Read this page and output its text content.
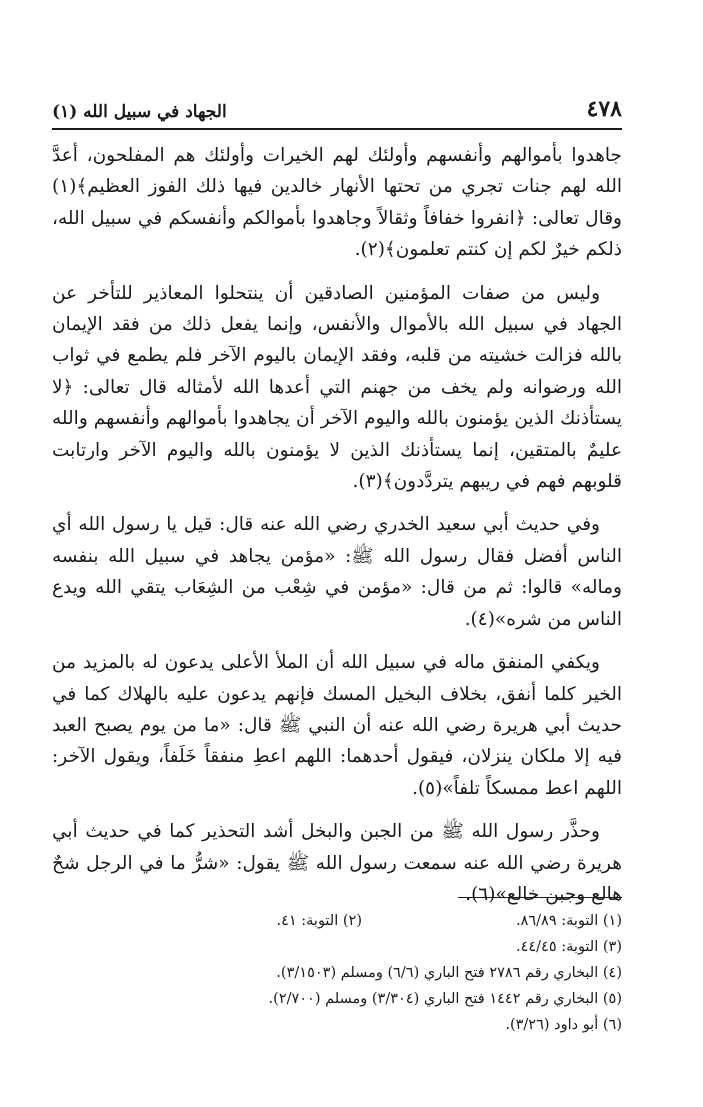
٤٧٨
الجهاد في سبيل الله (١)

جاهدوا بأموالهم وأنفسهم وأولئك لهم الخيرات وأولئك هم المفلحون، أعدَّ الله لهم جنات تجري من تحتها الأنهار خالدين فيها ذلك الفوز العظيم﴾(١) وقال تعالى: ﴿انفروا خفافاً وثقالاً وجاهدوا بأموالكم وأنفسكم في سبيل الله، ذلكم خيرٌ لكم إن كنتم تعلمون﴾(٢).

وليس من صفات المؤمنين الصادقين أن ينتحلوا المعاذير للتأخر عن الجهاد في سبيل الله بالأموال والأنفس، وإنما يفعل ذلك من فقد الإيمان بالله فزالت خشيته من قلبه، وفقد الإيمان باليوم الآخر فلم يطمع في ثواب الله ورضوانه ولم يخف من جهنم التي أعدها الله لأمثاله قال تعالى: ﴿لا يستأذنك الذين يؤمنون بالله واليوم الآخر أن يجاهدوا بأموالهم وأنفسهم والله عليمٌ بالمتقين، إنما يستأذنك الذين لا يؤمنون بالله واليوم الآخر وارتابت قلوبهم فهم في ريبهم يتردَّدون﴾(٣).

وفي حديث أبي سعيد الخدري رضي الله عنه قال: قيل يا رسول الله أي الناس أفضل فقال رسول الله ﷺ: «مؤمن يجاهد في سبيل الله بنفسه وماله» قالوا: ثم من قال: «مؤمن في شِعْب من الشِعَاب يتقي الله ويدع الناس من شره»(٤).

ويكفي المنفق ماله في سبيل الله أن الملأ الأعلى يدعون له بالمزيد من الخير كلما أنفق، بخلاف البخيل المسك فإنهم يدعون عليه بالهلاك كما في حديث أبي هريرة رضي الله عنه أن النبي ﷺ قال: «ما من يوم يصبح العبد فيه إلا ملكان ينزلان، فيقول أحدهما: اللهم اعطِ منفقاً خَلَفاً، ويقول الآخر: اللهم اعط ممسكاً تلفاً»(٥).

وحذَّر رسول الله ﷺ من الجبن والبخل أشد التحذير كما في حديث أبي هريرة رضي الله عنه سمعت رسول الله ﷺ يقول: «شرُّ ما في الرجل شحٌ هالع وجبن خالع»(٦).

(١) التوبة: ٨٦/٨٩.
(٢) التوبة: ٤١.
(٣) التوبة: ٤٤/٤٥.
(٤) البخاري رقم ٢٧٨٦ فتح الباري (٦/٦) ومسلم (٣/١٥٠٣).
(٥) البخاري رقم ١٤٤٢ فتح الباري (٣/٣٠٤) ومسلم (٢/٧٠٠).
(٦) أبو داود (٣/٢٦).
